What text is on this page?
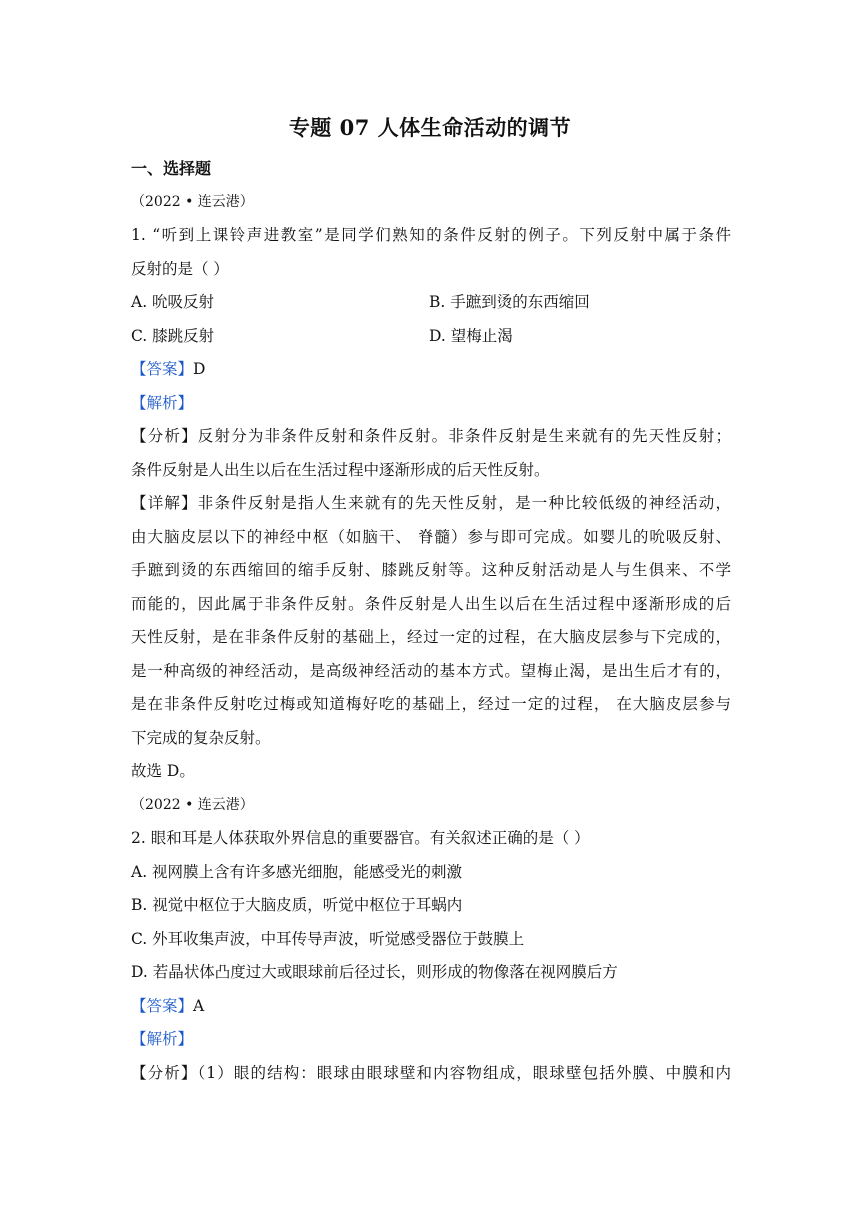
专题 07 人体生命活动的调节
一、选择题
（2022 • 连云港）
1. “听到上课铃声进教室”是同学们熟知的条件反射的例子。下列反射中属于条件
反射的是（ ）
A. 吮吸反射	B. 手蹠到烫的东西缩回
C. 膝跳反射	D. 望梅止渴
【答案】D
【解析】
【分析】反射分为非条件反射和条件反射。非条件反射是生来就有的先天性反射；
条件反射是人出生以后在生活过程中逐渐形成的后天性反射。
【详解】非条件反射是指人生来就有的先天性反射，是一种比较低级的神经活动，
由大脑皮层以下的神经中枢（如脑干、 脊髓）参与即可完成。如婴儿的吮吸反射、
手蹠到烫的东西缩回的缩手反射、膝跳反射等。这种反射活动是人与生俱来、不学
而能的，因此属于非条件反射。条件反射是人出生以后在生活过程中逐渐形成的后
天性反射，是在非条件反射的基础上，经过一定的过程，在大脑皮层参与下完成的，
是一种高级的神经活动，是高级神经活动的基本方式。望梅止渴，是出生后才有的，
是在非条件反射吃过梅或知道梅好吃的基础上，经过一定的过程， 在大脑皮层参与
下完成的复杂反射。
故选 D。
（2022 • 连云港）
2. 眼和耳是人体获取外界信息的重要器官。有关叙述正确的是（ ）
A. 视网膜上含有许多感光细胞，能感受光的刺激
B. 视觉中枢位于大脑皮质，听觉中枢位于耳蜗内
C. 外耳收集声波，中耳传导声波，听觉感受器位于鼓膜上
D. 若晶状体凸度过大或眼球前后径过长，则形成的物像落在视网膜后方
【答案】A
【解析】
【分析】（1）眼的结构：眼球由眼球壁和内容物组成，眼球壁包括外膜、中膜和内
